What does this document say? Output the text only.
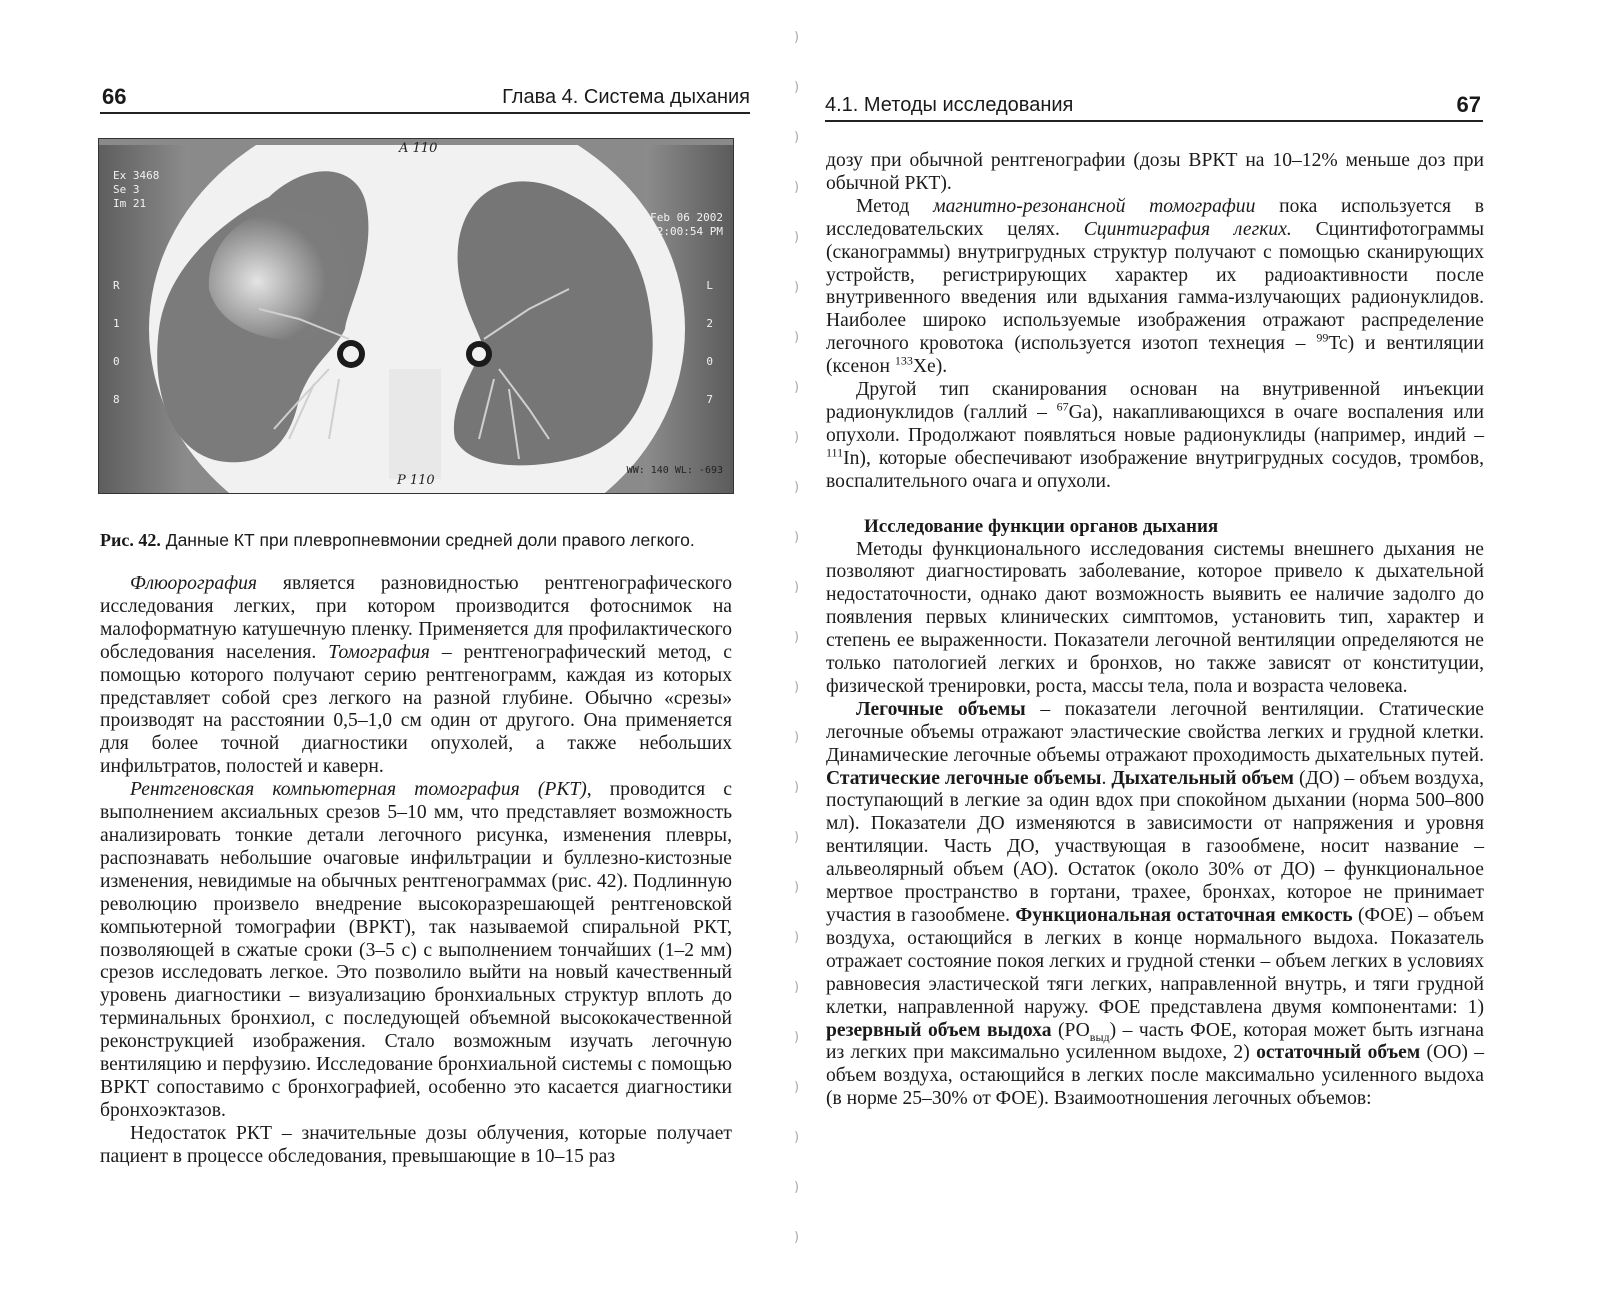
66	Глава 4. Система дыхания
Ex 3468
Se 3
Im 21
Feb 06 2002
02:00:54 PM
R
1
0
8
L
2
0
7
A 110
P 110
WW: 140 WL: -693
Рис. 42. Данные КТ при плевропневмонии средней доли правого легкого.

Флюорография является разновидностью рентгенографического исследования легких, при котором производится фотоснимок на малоформатную катушечную пленку. Применяется для профилактического обследования населения. Томография – рентгенографический метод, с помощью которого получают серию рентгенограмм, каждая из которых представляет собой срез легкого на разной глубине. Обычно «срезы» производят на расстоянии 0,5–1,0 см один от другого. Она применяется для более точной диагностики опухолей, а также небольших инфильтратов, полостей и каверн.

Рентгеновская компьютерная томография (РКТ), проводится с выполнением аксиальных срезов 5–10 мм, что представляет возможность анализировать тонкие детали легочного рисунка, изменения плевры, распознавать небольшие очаговые инфильтрации и буллезно-кистозные изменения, невидимые на обычных рентгенограммах (рис. 42). Подлинную революцию произвело внедрение высокоразрешающей рентгеновской компьютерной томографии (ВРКТ), так называемой спиральной РКТ, позволяющей в сжатые сроки (3–5 с) с выполнением тончайших (1–2 мм) срезов исследовать легкое. Это позволило выйти на новый качественный уровень диагностики – визуализацию бронхиальных структур вплоть до терминальных бронхиол, с последующей объемной высококачественной реконструкцией изображения. Стало возможным изучать легочную вентиляцию и перфузию. Исследование бронхиальной системы с помощью ВРКТ сопоставимо с бронхографией, особенно это касается диагностики бронхоэктазов.

Недостаток РКТ – значительные дозы облучения, которые получает пациент в процессе обследования, превышающие в 10–15 раз

)
)
)
)
)
)
)
)
)
)
)
)
)
)
)
)
)
)
)
)
)
)
)
)
)
4.1. Методы исследования	67

дозу при обычной рентгенографии (дозы ВРКТ на 10–12% меньше доз при обычной РКТ).

Метод магнитно-резонансной томографии пока используется в исследовательских целях. Сцинтиграфия легких. Сцинтифотограммы (сканограммы) внутригрудных структур получают с помощью сканирующих устройств, регистрирующих характер их радиоактивности после внутривенного введения или вдыхания гамма-излучающих радионуклидов. Наиболее широко используемые изображения отражают распределение легочного кровотока (используется изотоп технеция – $^{99}$Tc) и вентиляции (ксенон $^{133}$Xe).

Другой тип сканирования основан на внутривенной инъекции радионуклидов (галлий – $^{67}$Ga), накапливающихся в очаге воспаления или опухоли. Продолжают появляться новые радионуклиды (например, индий – $^{111}$In), которые обеспечивают изображение внутригрудных сосудов, тромбов, воспалительного очага и опухоли.

Исследование функции органов дыхания

Методы функционального исследования системы внешнего дыхания не позволяют диагностировать заболевание, которое привело к дыхательной недостаточности, однако дают возможность выявить ее наличие задолго до появления первых клинических симптомов, установить тип, характер и степень ее выраженности. Показатели легочной вентиляции определяются не только патологией легких и бронхов, но также зависят от конституции, физической тренировки, роста, массы тела, пола и возраста человека.

Легочные объемы – показатели легочной вентиляции. Статические легочные объемы отражают эластические свойства легких и грудной клетки. Динамические легочные объемы отражают проходимость дыхательных путей. Статические легочные объемы. Дыхательный объем (ДО) – объем воздуха, поступающий в легкие за один вдох при спокойном дыхании (норма 500–800 мл). Показатели ДО изменяются в зависимости от напряжения и уровня вентиляции. Часть ДО, участвующая в газообмене, носит название – альвеолярный объем (АО). Остаток (около 30% от ДО) – функциональное мертвое пространство в гортани, трахее, бронхах, которое не принимает участия в газообмене. Функциональная остаточная емкость (ФОЕ) – объем воздуха, остающийся в легких в конце нормального выдоха. Показатель отражает состояние покоя легких и грудной стенки – объем легких в условиях равновесия эластической тяги легких, направленной внутрь, и тяги грудной клетки, направленной наружу. ФОЕ представлена двумя компонентами: 1) резервный объем выдоха $(РО_{выд})$ – часть ФОЕ, которая может быть изгнана из легких при максимально усиленном выдохе, 2) остаточный объем (ОО) – объем воздуха, остающийся в легких после максимально усиленного выдоха (в норме 25–30% от ФОЕ). Взаимоотношения легочных объемов:
